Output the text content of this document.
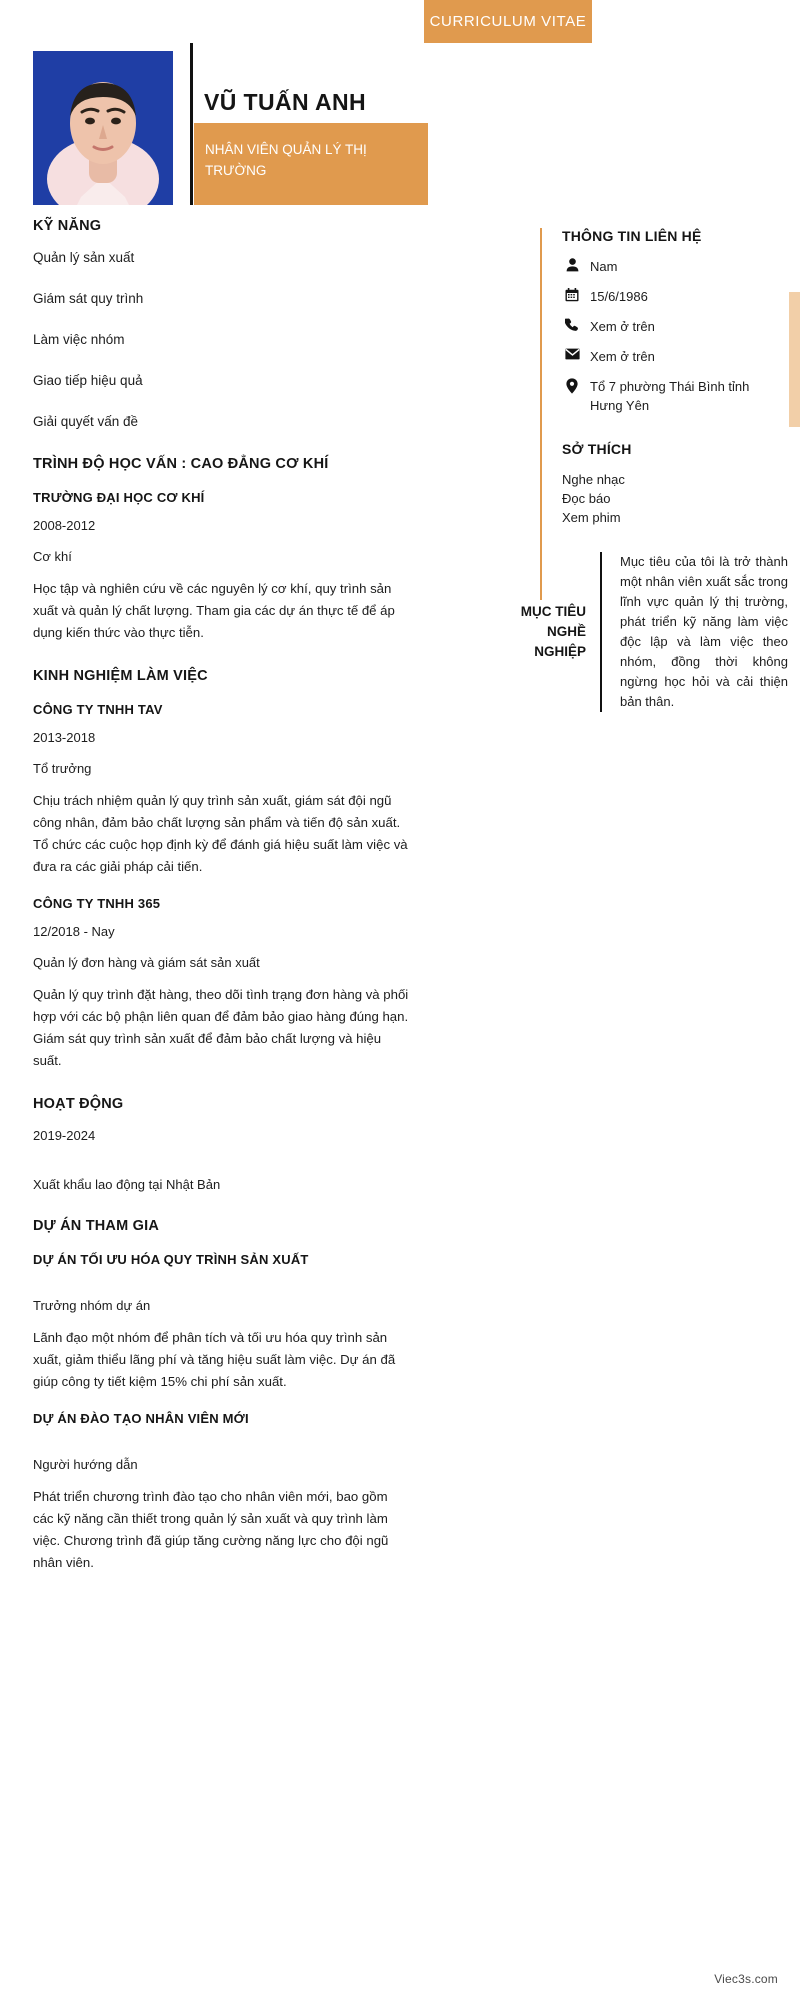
CURRICULUM VITAE
VŨ TUẤN ANH
NHÂN VIÊN QUẢN LÝ THỊ TRƯỜNG
KỸ NĂNG
Quản lý sản xuất
Giám sát quy trình
Làm việc nhóm
Giao tiếp hiệu quả
Giải quyết vấn đề
TRÌNH ĐỘ HỌC VẤN : CAO ĐẲNG CƠ KHÍ
TRƯỜNG ĐẠI HỌC CƠ KHÍ
2008-2012
Cơ khí
Học tập và nghiên cứu về các nguyên lý cơ khí, quy trình sản xuất và quản lý chất lượng. Tham gia các dự án thực tế để áp dụng kiến thức vào thực tiễn.
KINH NGHIỆM LÀM VIỆC
CÔNG TY TNHH TAV
2013-2018
Tổ trưởng
Chịu trách nhiệm quản lý quy trình sản xuất, giám sát đội ngũ công nhân, đảm bảo chất lượng sản phẩm và tiến độ sản xuất. Tổ chức các cuộc họp định kỳ để đánh giá hiệu suất làm việc và đưa ra các giải pháp cải tiến.
CÔNG TY TNHH 365
12/2018 - Nay
Quản lý đơn hàng và giám sát sản xuất
Quản lý quy trình đặt hàng, theo dõi tình trạng đơn hàng và phối hợp với các bộ phận liên quan để đảm bảo giao hàng đúng hạn. Giám sát quy trình sản xuất để đảm bảo chất lượng và hiệu suất.
HOẠT ĐỘNG
2019-2024
Xuất khẩu lao động tại Nhật Bản
DỰ ÁN THAM GIA
DỰ ÁN TỐI ƯU HÓA QUY TRÌNH SẢN XUẤT
Trưởng nhóm dự án
Lãnh đạo một nhóm để phân tích và tối ưu hóa quy trình sản xuất, giảm thiểu lãng phí và tăng hiệu suất làm việc. Dự án đã giúp công ty tiết kiệm 15% chi phí sản xuất.
DỰ ÁN ĐÀO TẠO NHÂN VIÊN MỚI
Người hướng dẫn
Phát triển chương trình đào tạo cho nhân viên mới, bao gồm các kỹ năng cần thiết trong quản lý sản xuất và quy trình làm việc. Chương trình đã giúp tăng cường năng lực cho đội ngũ nhân viên.
THÔNG TIN LIÊN HỆ
Nam
15/6/1986
Xem ở trên
Xem ở trên
Tổ 7 phường Thái Bình tỉnh Hưng Yên
SỞ THÍCH
Nghe nhạc
Đọc báo
Xem phim
MỤC TIÊU NGHỀ NGHIỆP
Mục tiêu của tôi là trở thành một nhân viên xuất sắc trong lĩnh vực quản lý thị trường, phát triển kỹ năng làm việc độc lập và làm việc theo nhóm, đồng thời không ngừng học hỏi và cải thiện bản thân.
Viec3s.com
